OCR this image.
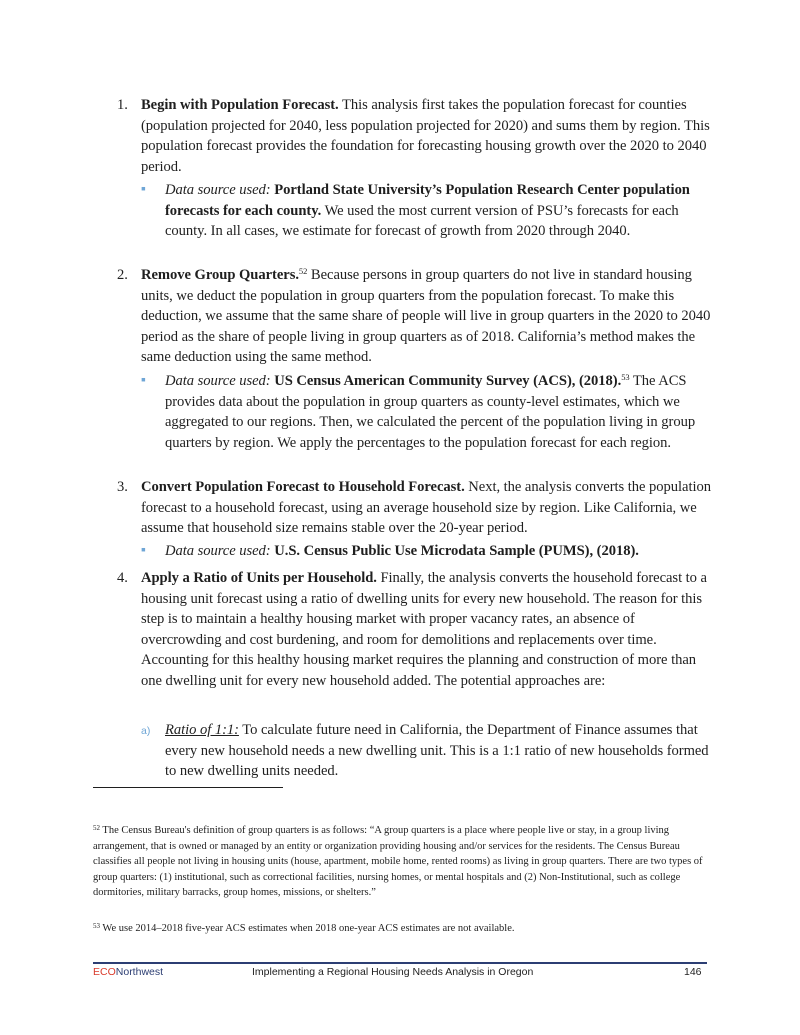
1. Begin with Population Forecast. This analysis first takes the population forecast for counties (population projected for 2040, less population projected for 2020) and sums them by region. This population forecast provides the foundation for forecasting housing growth over the 2020 to 2040 period.

▪ Data source used: Portland State University’s Population Research Center population forecasts for each county. We used the most current version of PSU’s forecasts for each county. In all cases, we estimate for forecast of growth from 2020 through 2040.

2. Remove Group Quarters.$^{52}$ Because persons in group quarters do not live in standard housing units, we deduct the population in group quarters from the population forecast. To make this deduction, we assume that the same share of people will live in group quarters in the 2020 to 2040 period as the share of people living in group quarters as of 2018. California’s method makes the same deduction using the same method.

▪ Data source used: US Census American Community Survey (ACS), (2018).$^{53}$ The ACS provides data about the population in group quarters as county-level estimates, which we aggregated to our regions. Then, we calculated the percent of the population living in group quarters by region. We apply the percentages to the population forecast for each region.

3. Convert Population Forecast to Household Forecast. Next, the analysis converts the population forecast to a household forecast, using an average household size by region. Like California, we assume that household size remains stable over the 20-year period.

▪ Data source used: U.S. Census Public Use Microdata Sample (PUMS), (2018).

4. Apply a Ratio of Units per Household. Finally, the analysis converts the household forecast to a housing unit forecast using a ratio of dwelling units for every new household. The reason for this step is to maintain a healthy housing market with proper vacancy rates, an absence of overcrowding and cost burdening, and room for demolitions and replacements over time. Accounting for this healthy housing market requires the planning and construction of more than one dwelling unit for every new household added. The potential approaches are:

a) Ratio of 1:1: To calculate future need in California, the Department of Finance assumes that every new household needs a new dwelling unit. This is a 1:1 ratio of new households formed to new dwelling units needed.

$^{52}$ The Census Bureau's definition of group quarters is as follows: “A group quarters is a place where people live or stay, in a group living arrangement, that is owned or managed by an entity or organization providing housing and/or services for the residents. The Census Bureau classifies all people not living in housing units (house, apartment, mobile home, rented rooms) as living in group quarters. There are two types of group quarters: (1) institutional, such as correctional facilities, nursing homes, or mental hospitals and (2) Non-Institutional, such as college dormitories, military barracks, group homes, missions, or shelters.”
$^{53}$ We use 2014–2018 five-year ACS estimates when 2018 one-year ACS estimates are not available.
ECONorthwest	Implementing a Regional Housing Needs Analysis in Oregon	146
